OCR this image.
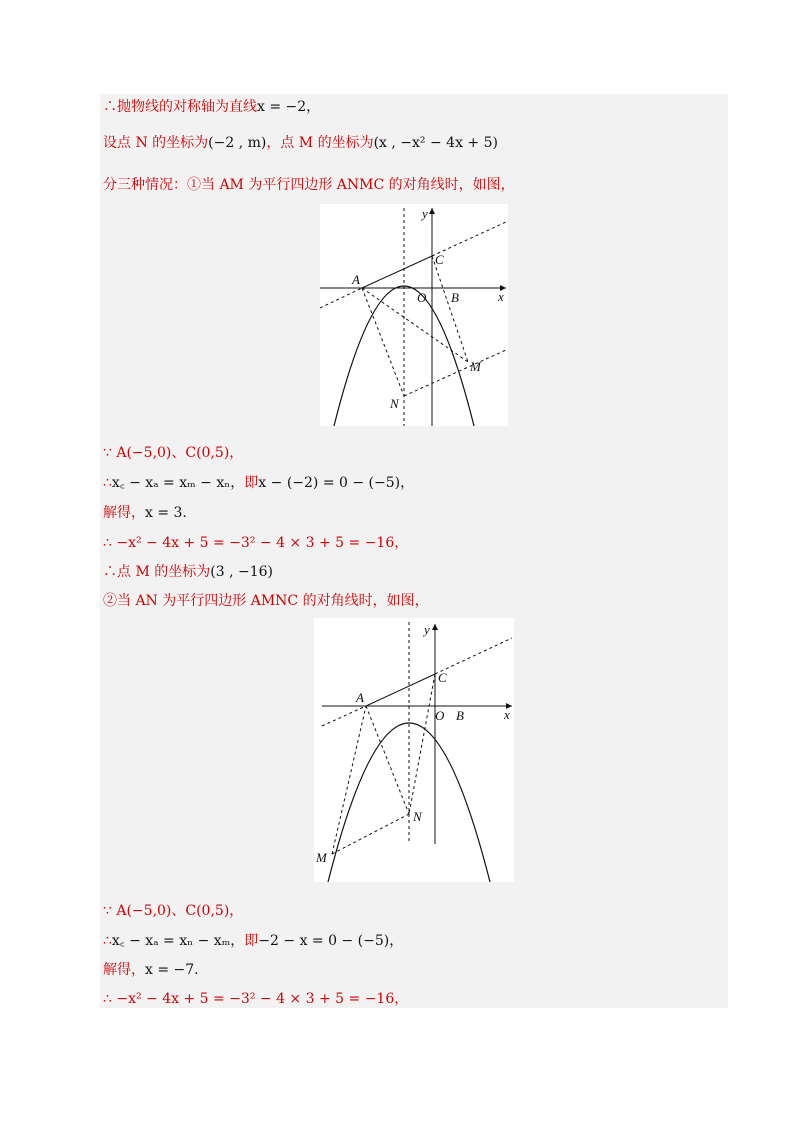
∴抛物线的对称轴为直线x = −2，
设点 N 的坐标为(−2 , m)，点 M 的坐标为(x , −x² − 4x + 5)
分三种情况：①当 AM 为平行四边形 ANMC 的对角线时，如图，
y
x
A
C
O B
M
N
∵ A(−5,0)、C(0,5)，
∴x꜀ − xₐ = xₘ − xₙ，即x − (−2) = 0 − (−5)，
解得，x = 3.
∴ −x² − 4x + 5 = −3² − 4 × 3 + 5 = −16，
∴点 M 的坐标为(3 , −16)
②当 AN 为平行四边形 AMNC 的对角线时，如图，
y
x
A
C
O B
M
N
∵ A(−5,0)、C(0,5)，
∴x꜀ − xₐ = xₙ − xₘ，即−2 − x = 0 − (−5)，
解得，x = −7.
∴ −x² − 4x + 5 = −3² − 4 × 3 + 5 = −16，
